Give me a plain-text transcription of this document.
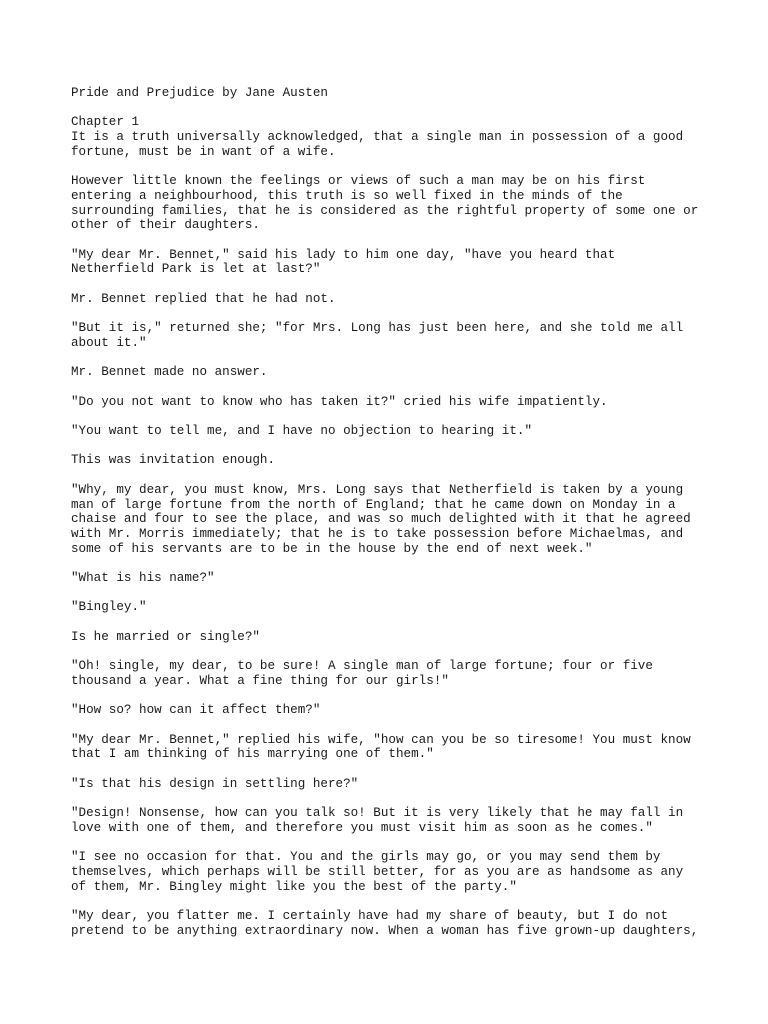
Pride and Prejudice by Jane Austen
Chapter 1
It is a truth universally acknowledged, that a single man in possession of a good
fortune, must be in want of a wife.
However little known the feelings or views of such a man may be on his first
entering a neighbourhood, this truth is so well fixed in the minds of the
surrounding families, that he is considered as the rightful property of some one or
other of their daughters.
"My dear Mr. Bennet," said his lady to him one day, "have you heard that
Netherfield Park is let at last?"
Mr. Bennet replied that he had not.
"But it is," returned she; "for Mrs. Long has just been here, and she told me all
about it."
Mr. Bennet made no answer.
"Do you not want to know who has taken it?" cried his wife impatiently.
"You want to tell me, and I have no objection to hearing it."
This was invitation enough.
"Why, my dear, you must know, Mrs. Long says that Netherfield is taken by a young
man of large fortune from the north of England; that he came down on Monday in a
chaise and four to see the place, and was so much delighted with it that he agreed
with Mr. Morris immediately; that he is to take possession before Michaelmas, and
some of his servants are to be in the house by the end of next week."
"What is his name?"
"Bingley."
Is he married or single?"
"Oh! single, my dear, to be sure! A single man of large fortune; four or five
thousand a year. What a fine thing for our girls!"
"How so? how can it affect them?"
"My dear Mr. Bennet," replied his wife, "how can you be so tiresome! You must know
that I am thinking of his marrying one of them."
"Is that his design in settling here?"
"Design! Nonsense, how can you talk so! But it is very likely that he may fall in
love with one of them, and therefore you must visit him as soon as he comes."
"I see no occasion for that. You and the girls may go, or you may send them by
themselves, which perhaps will be still better, for as you are as handsome as any
of them, Mr. Bingley might like you the best of the party."
"My dear, you flatter me. I certainly have had my share of beauty, but I do not
pretend to be anything extraordinary now. When a woman has five grown-up daughters,
